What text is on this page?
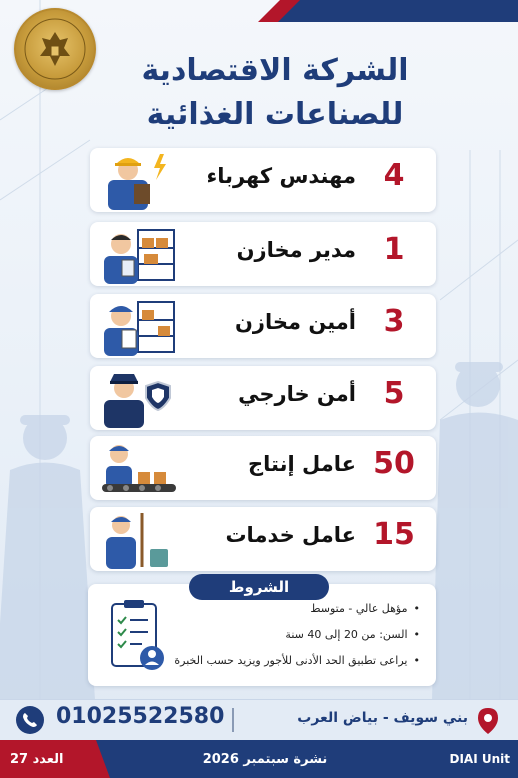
الشركة الاقتصادية
للصناعات الغذائية
مهندس كهرباء 4
مدير مخازن 1
أمين مخازن 3
أمن خارجي 5
عامل إنتاج 50
عامل خدمات 15
• مؤهل عالي - متوسط
• السن: من 20 إلى 40 سنة
• يراعى تطبيق الحد الأدنى للأجور ويزيد حسب الخبرة
الشروط
01025522580	بني سويف - بياض العرب
العدد 27	نشرة سبتمبر 2026	DIAI Unit
